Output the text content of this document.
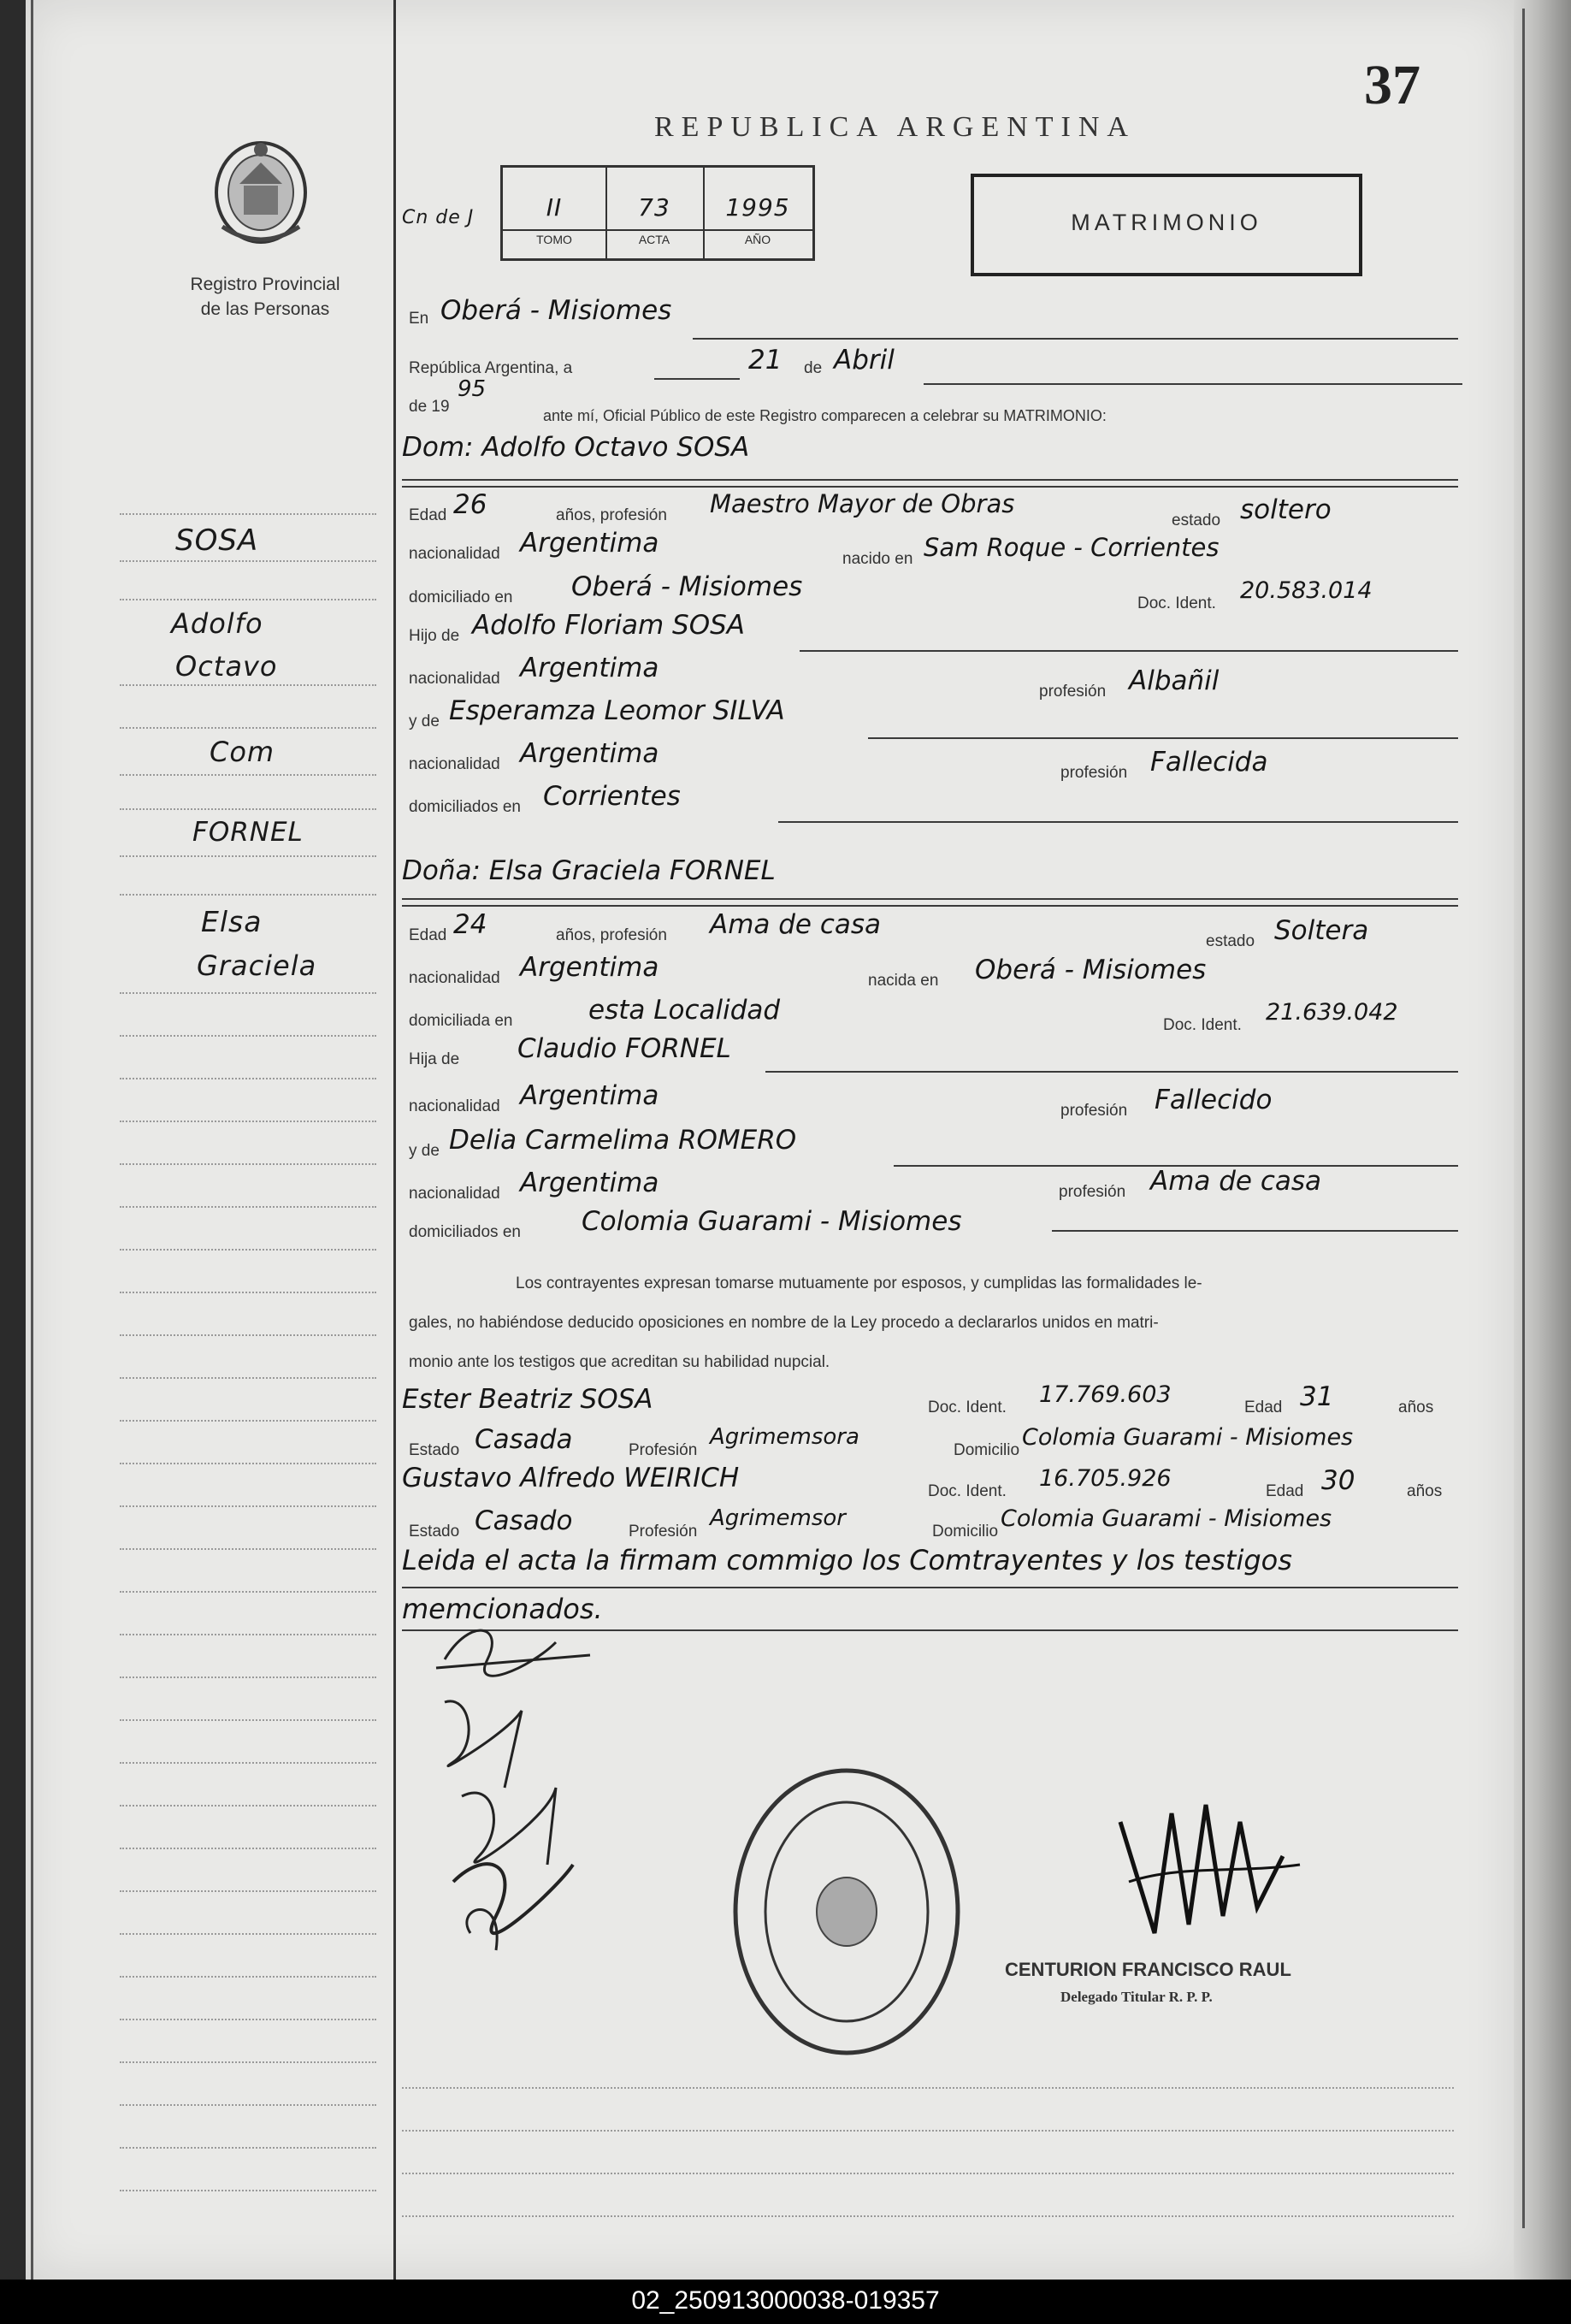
Registro Provincial
de las Personas
SOSA
Adolfo
Octavo
Com
FORNEL
Elsa
Graciela
37
REPUBLICA ARGENTINA
Cn de J	II	73	1995
TOMO	ACTA	AÑO
MATRIMONIO
En Oberá - Misiomes
República Argentina, a	21 de Abril
de 19
95
ante mí, Oficial Público de este Registro comparecen a celebrar su MATRIMONIO:
Dom: Adolfo Octavo SOSA
Edad 26	años, profesión Maestro Mayor de Obras
estado soltero
nacionalidad Argentima
nacido en Sam Roque - Corrientes
domiciliado en Oberá - Misiomes
Doc. Ident. 20.583.014
Hijo de Adolfo Floriam SOSA
nacionalidad Argentima
profesión Albañil
y de Esperamza Leomor SILVA
nacionalidad Argentima
profesión Fallecida
domiciliados en Corrientes
Doña: Elsa Graciela FORNEL
Edad 24	años, profesión Ama de casa
estado Soltera
nacionalidad Argentima	nacida en Oberá - Misiomes
domiciliada en	esta Localidad	Doc. Ident. 21.639.042
Hija de Claudio FORNEL
nacionalidad Argentima	profesión Fallecido
y de Delia Carmelima ROMERO
nacionalidad Argentima	profesión Ama de casa
domiciliados en Colomia Guarami - Misiomes
Los contrayentes expresan tomarse mutuamente por esposos, y cumplidas las formalidades le-
gales, no habiéndose deducido oposiciones en nombre de la Ley procedo a declararlos unidos en matri-
monio ante los testigos que acreditan su habilidad nupcial.
Ester Beatriz SOSA	Doc. Ident. 17.769.603	Edad 31	años
Estado Casada	Profesión
Agrimemsora
Domicilio Colomia Guarami - Misiomes
Gustavo Alfredo WEIRICH	Doc. Ident. 16.705.926	Edad 30	años
Estado Casado	Profesión
Agrimemsor
Domicilio Colomia Guarami - Misiomes
Leida el acta la firmam commigo los Comtrayentes y los testigos
memcionados.
CENTURION FRANCISCO RAUL
Delegado Titular R. P. P.
02_250913000038-019357
